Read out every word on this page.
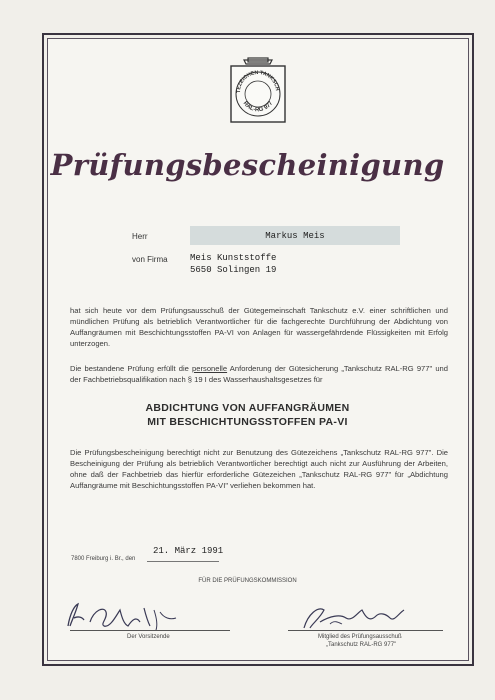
TEZEICHEN TANKSCH
RAL-RG 977
Prüfungsbescheinigung
Herr	Markus Meis
von Firma Meis Kunststoffe
5650 Solingen 19

hat sich heute vor dem Prüfungsausschuß der Gütegemeinschaft Tankschutz e.V. einer schriftlichen und mündlichen Prüfung als betrieblich Verantwortlicher für die fachgerechte Durchführung der Abdichtung von Auffangräumen mit Beschichtungsstoffen PA-VI von Anlagen für wassergefährdende Flüssigkeiten mit Erfolg unterzogen.

Die bestandene Prüfung erfüllt die personelle Anforderung der Gütesicherung „Tankschutz RAL-RG 977" und der Fachbetriebsqualifikation nach § 19 I des Wasserhaushaltsgesetzes für

ABDICHTUNG VON AUFFANGRÄUMEN
MIT BESCHICHTUNGSSTOFFEN PA-VI

Die Prüfungsbescheinigung berechtigt nicht zur Benutzung des Gütezeichens „Tankschutz RAL-RG 977". Die Bescheinigung der Prüfung als betrieblich Verantwortlicher berechtigt auch nicht zur Ausführung der Arbeiten, ohne daß der Fachbetrieb das hierfür erforderliche Gütezeichen „Tankschutz RAL-RG 977" für „Abdichtung Auffangräume mit Beschichtungsstoffen PA-VI" verliehen bekommen hat.

7800 Freiburg i. Br., den
21. März 1991
FÜR DIE PRÜFUNGSKOMMISSION
Der Vorsitzende	Mitglied des Prüfungsausschuß
„Tankschutz RAL-RG 977"
